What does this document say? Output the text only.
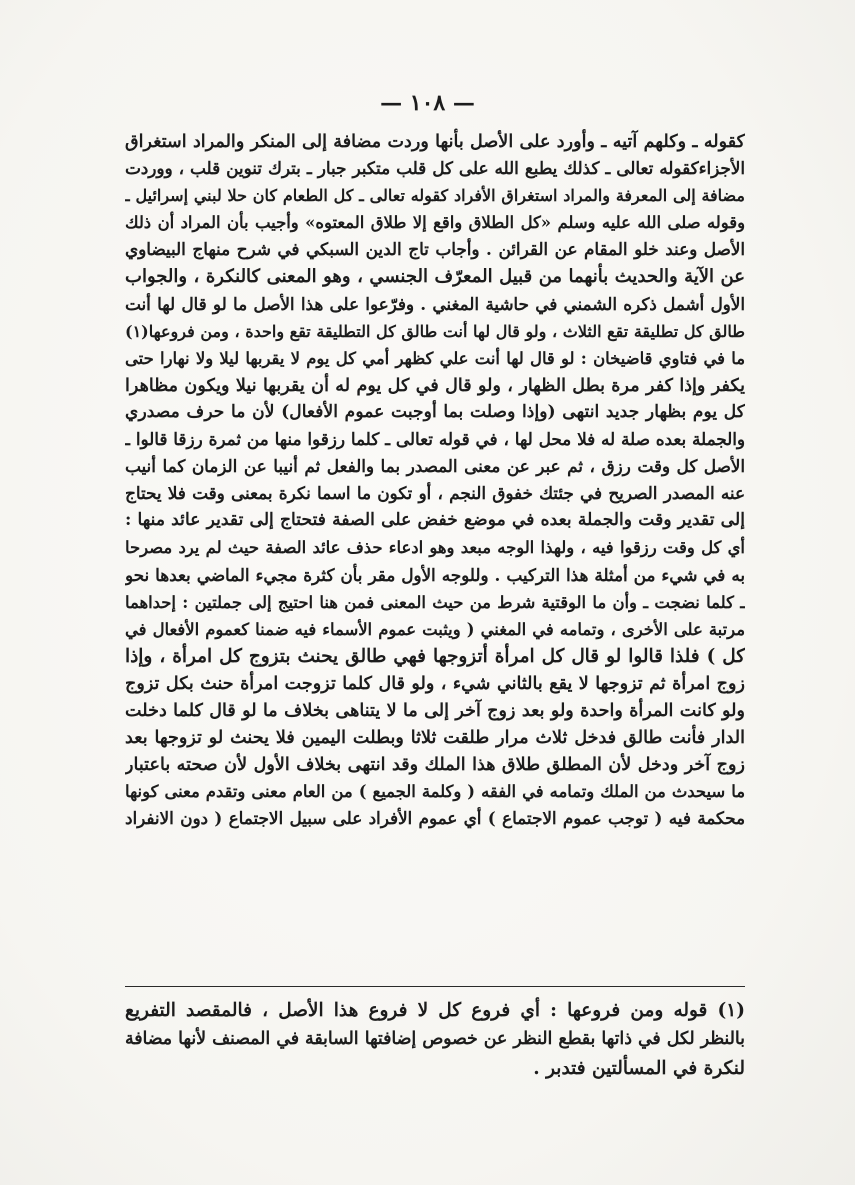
— ١٠٨ —
كقوله ـ وكلهم آتيه ـ وأورد على الأصل بأنها وردت مضافة إلى المنكر والمراد استغراق
الأجزاءكقوله تعالى ـ كذلك يطبع الله على كل قلب متكبر جبار ـ بترك تنوين قلب ، ووردت
مضافة إلى المعرفة والمراد استغراق الأفراد كقوله تعالى ـ كل الطعام كان حلا لبني إسرائيل ـ
وقوله صلى الله عليه وسلم «كل الطلاق واقع إلا طلاق المعتوه» وأجيب بأن المراد أن ذلك
الأصل وعند خلو المقام عن القرائن . وأجاب تاج الدين السبكي في شرح منهاج البيضاوي
عن الآية والحديث بأنهما من قبيل المعرّف الجنسي ، وهو المعنى كالنكرة ، والجواب
الأول أشمل ذكره الشمني في حاشية المغني . وفرّعوا على هذا الأصل ما لو قال لها أنت
طالق كل تطليقة تقع الثلاث ، ولو قال لها أنت طالق كل التطليقة تقع واحدة ، ومن فروعها(١)
ما في فتاوي قاضيخان : لو قال لها أنت علي كظهر أمي كل يوم لا يقربها ليلا ولا نهارا حتى
يكفر وإذا كفر مرة بطل الظهار ، ولو قال في كل يوم له أن يقربها نيلا ويكون مظاهرا
كل يوم بظهار جديد انتهى (وإذا وصلت بما أوجبت عموم الأفعال) لأن ما حرف مصدري
والجملة بعده صلة له فلا محل لها ، في قوله تعالى ـ كلما رزقوا منها من ثمرة رزقا قالوا ـ
الأصل كل وقت رزق ، ثم عبر عن معنى المصدر بما والفعل ثم أنيبا عن الزمان كما أنيب
عنه المصدر الصريح في جئتك خفوق النجم ، أو تكون ما اسما نكرة بمعنى وقت فلا يحتاج
إلى تقدير وقت والجملة بعده في موضع خفض على الصفة فتحتاج إلى تقدير عائد منها :
أي كل وقت رزقوا فيه ، ولهذا الوجه مبعد وهو ادعاء حذف عائد الصفة حيث لم يرد مصرحا
به في شيء من أمثلة هذا التركيب . وللوجه الأول مقر بأن كثرة مجيء الماضي بعدها نحو
ـ كلما نضجت ـ وأن ما الوقتية شرط من حيث المعنى فمن هنا احتيج إلى جملتين : إحداهما
مرتبة على الأخرى ، وتمامه في المغني ( ويثبت عموم الأسماء فيه ضمنا كعموم الأفعال في
كل ) فلذا قالوا لو قال كل امرأة أتزوجها فهي طالق يحنث بتزوج كل امرأة ، وإذا
زوج امرأة ثم تزوجها لا يقع بالثاني شيء ، ولو قال كلما تزوجت امرأة حنث بكل تزوج
ولو كانت المرأة واحدة ولو بعد زوج آخر إلى ما لا يتناهى بخلاف ما لو قال كلما دخلت
الدار فأنت طالق فدخل ثلاث مرار طلقت ثلاثا وبطلت اليمين فلا يحنث لو تزوجها بعد
زوج آخر ودخل لأن المطلق طلاق هذا الملك وقد انتهى بخلاف الأول لأن صحته باعتبار
ما سيحدث من الملك وتمامه في الفقه ( وكلمة الجميع ) من العام معنى وتقدم معنى كونها
محكمة فيه ( توجب عموم الاجتماع ) أي عموم الأفراد على سبيل الاجتماع ( دون الانفراد
(١) قوله ومن فروعها : أي فروع كل لا فروع هذا الأصل ، فالمقصد التفريع
بالنظر لكل في ذاتها بقطع النظر عن خصوص إضافتها السابقة في المصنف لأنها مضافة
لنكرة في المسألتين فتدبر .
